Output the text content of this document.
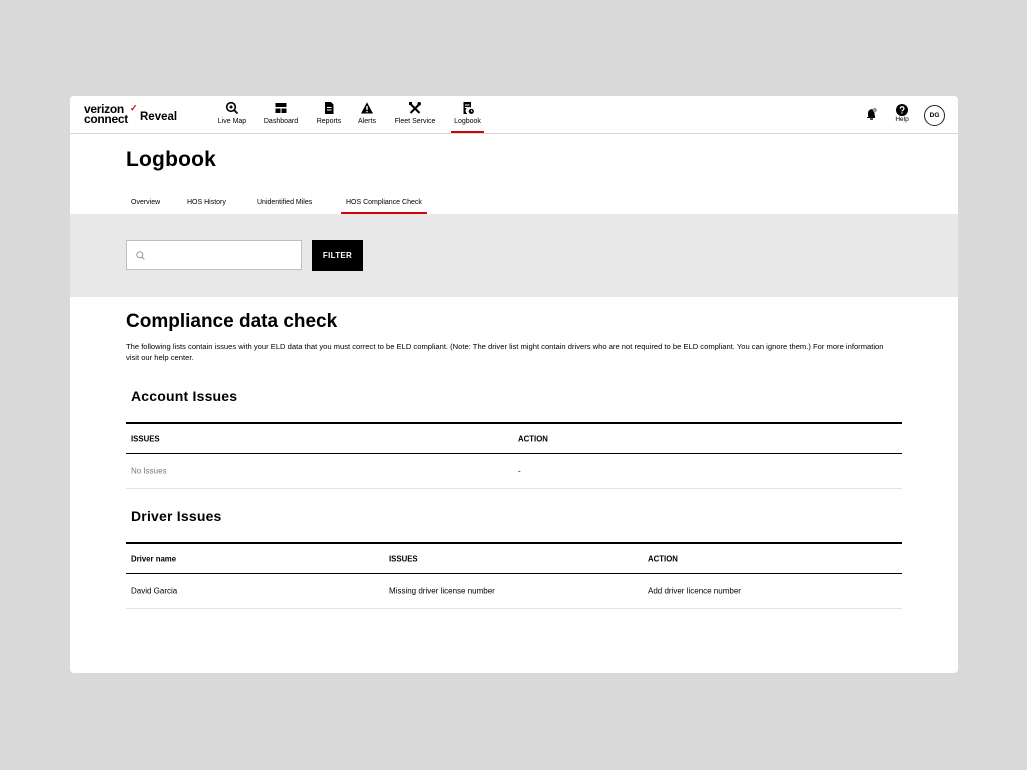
verizon ✓
connect Reveal	Live Map	Dashboard	Reports	Alerts	Fleet Service	Logbook	Help
DG
Logbook
Overview	HOS History	Unidentified Miles	HOS Compliance Check
FILTER
Compliance data check
The following lists contain issues with your ELD data that you must correct to be ELD compliant. (Note: The driver list might contain drivers who are not required to be ELD compliant. You can ignore them.) For more information visit our help center.
Account Issues
ISSUES	ACTION
No Issues	-
Driver Issues
Driver name	ISSUES	ACTION
David Garcia	Missing driver license number	Add driver licence number
